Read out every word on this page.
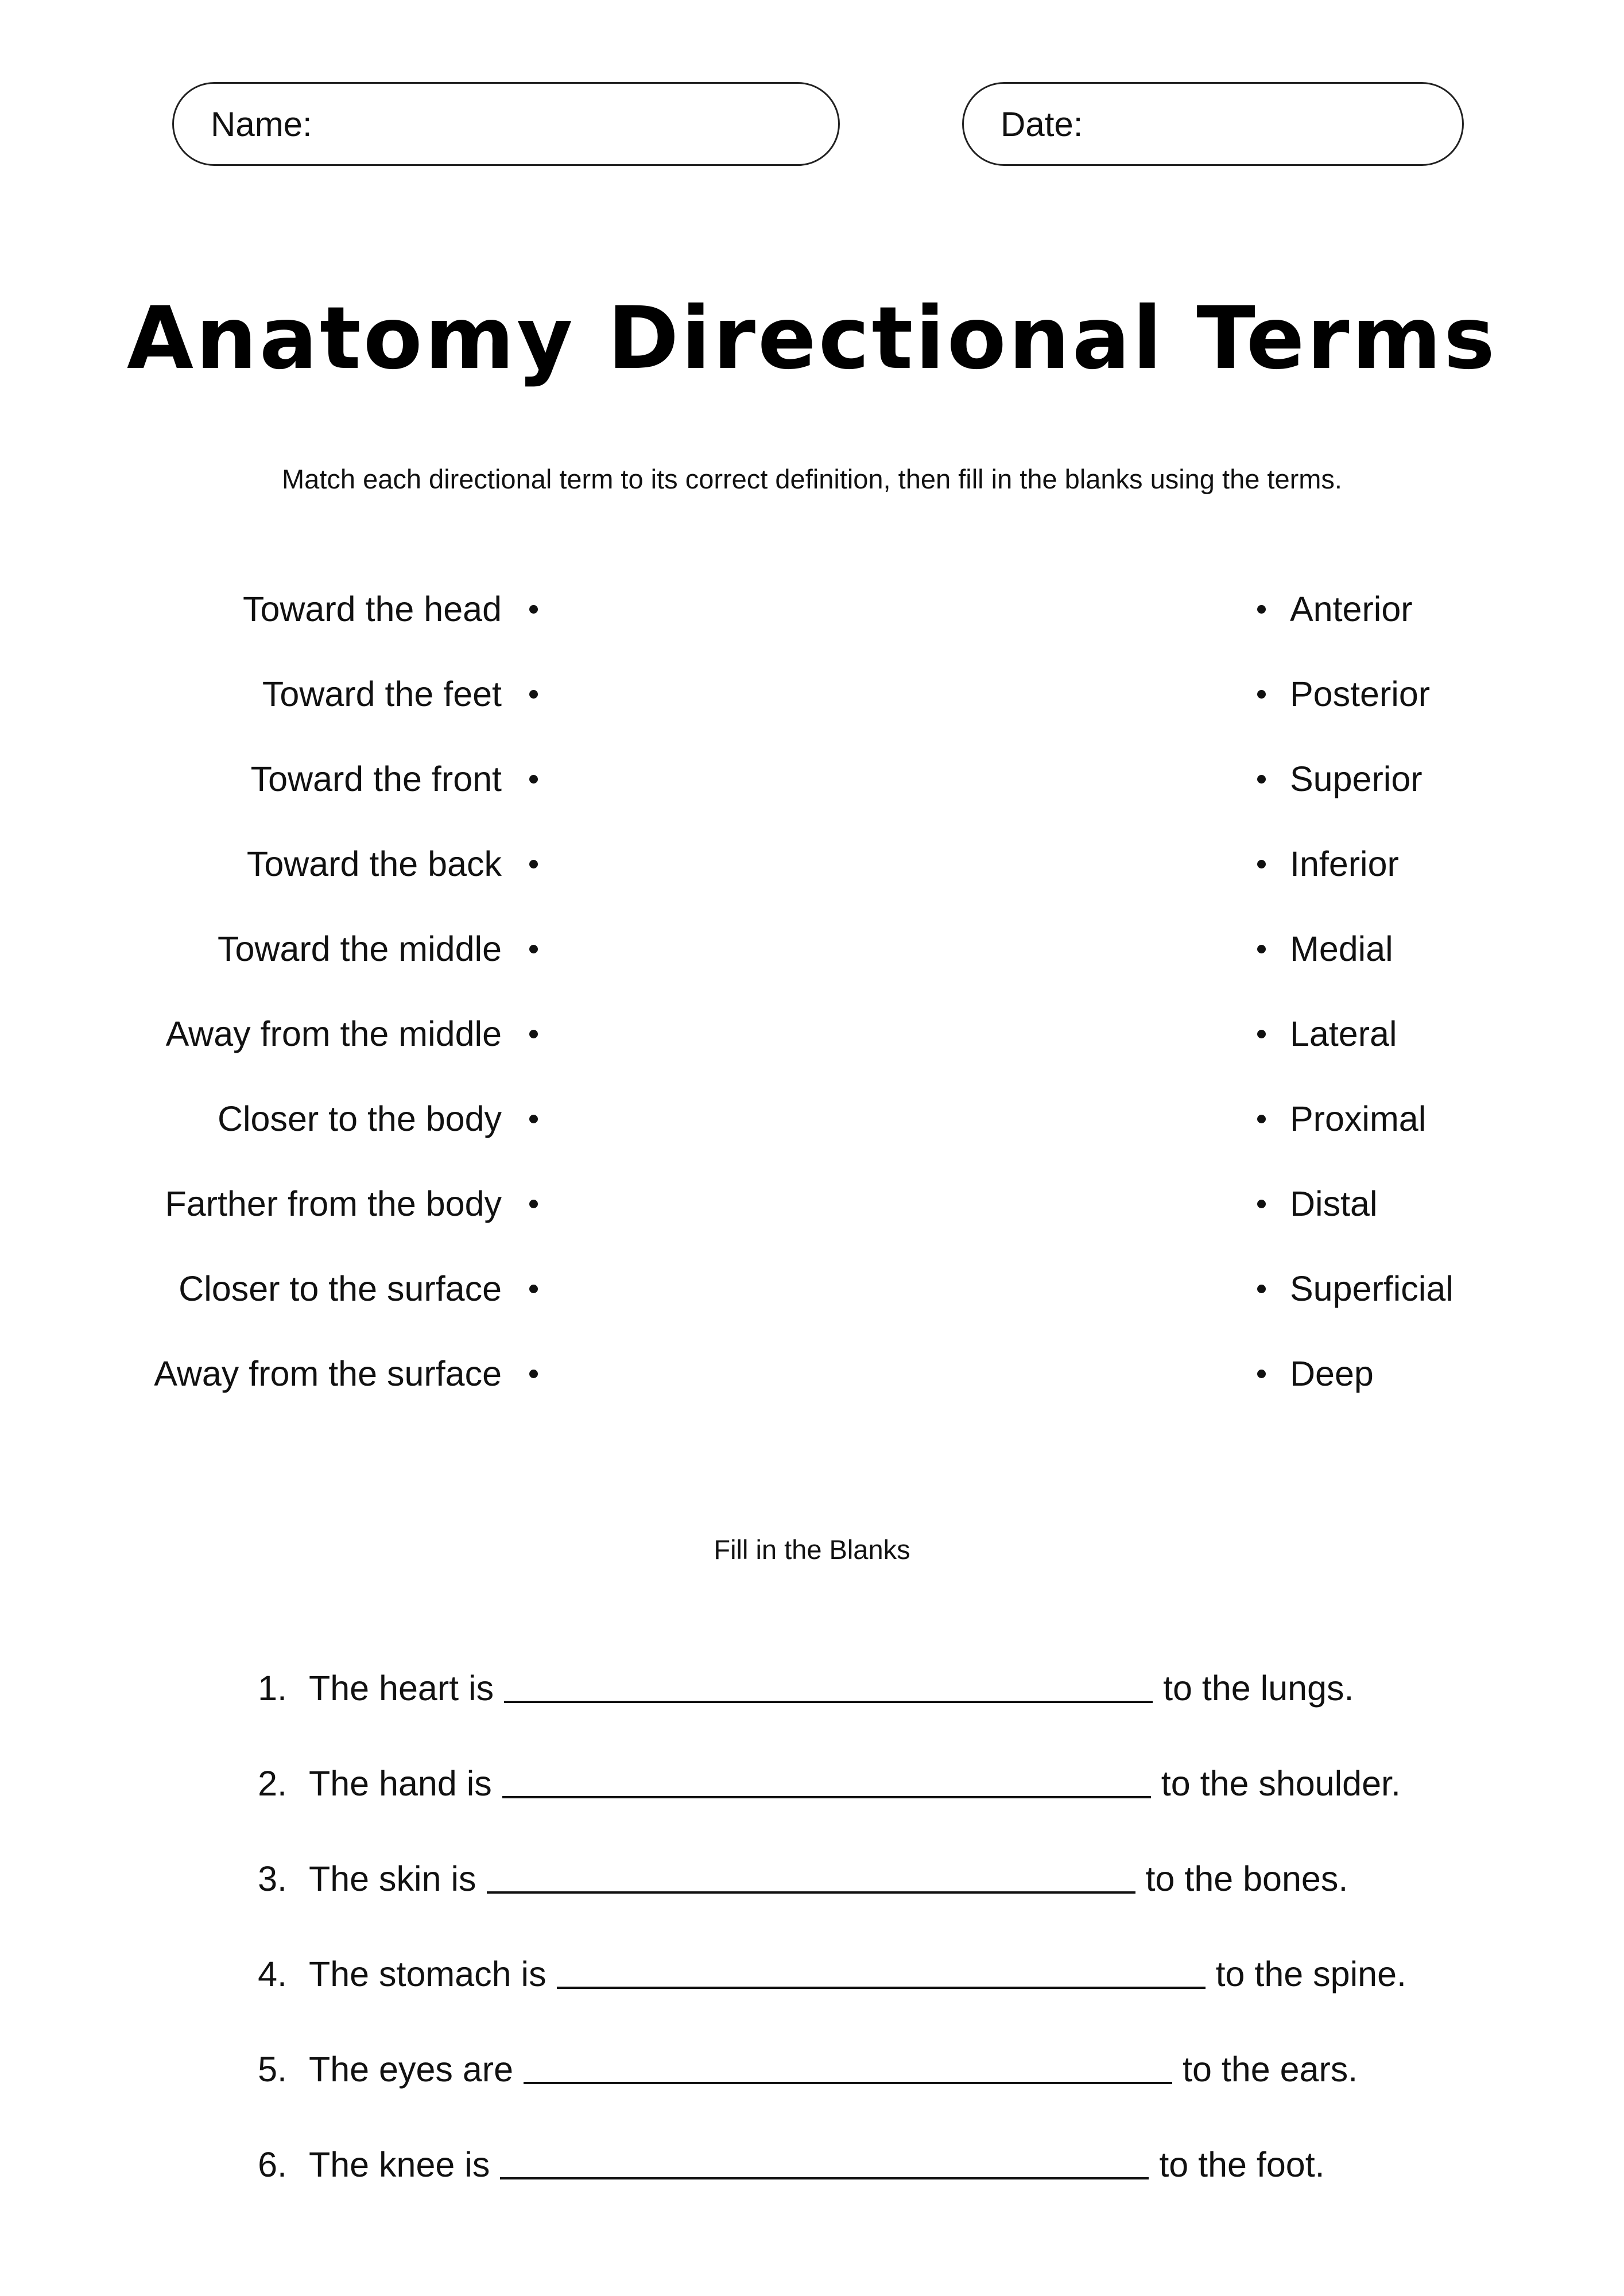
Name:	Date:
Anatomy Directional Terms
Match each directional term to its correct definition, then fill in the blanks using the terms.
Toward the head
Toward the feet
Toward the front
Toward the back
Toward the middle
Away from the middle
Closer to the body
Farther from the body
Closer to the surface
Away from the surface
Anterior
Posterior
Superior
Inferior
Medial
Lateral
Proximal
Distal
Superficial
Deep
Fill in the Blanks
1. The heart is	to the lungs.
2. The hand is	to the shoulder.
3. The skin is	to the bones.
4. The stomach is	to the spine.
5. The eyes are	to the ears.
6. The knee is	to the foot.
